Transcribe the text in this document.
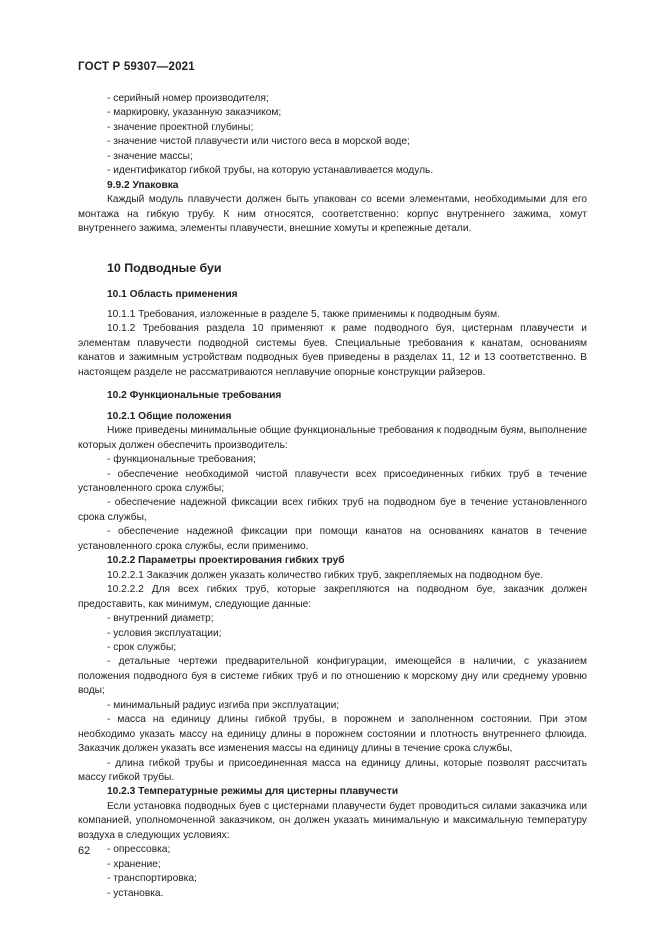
ГОСТ Р 59307—2021

- серийный номер производителя;

- маркировку, указанную заказчиком;

- значение проектной глубины;

- значение чистой плавучести или чистого веса в морской воде;

- значение массы;

- идентификатор гибкой трубы, на которую устанавливается модуль.

9.9.2 Упаковка

Каждый модуль плавучести должен быть упакован со всеми элементами, необходимыми для его монтажа на гибкую трубу. К ним относятся, соответственно: корпус внутреннего зажима, хомут внутреннего зажима, элементы плавучести, внешние хомуты и крепежные детали.

10 Подводные буи

10.1 Область применения

10.1.1 Требования, изложенные в разделе 5, также применимы к подводным буям.

10.1.2 Требования раздела 10 применяют к раме подводного буя, цистернам плавучести и элементам плавучести подводной системы буев. Специальные требования к канатам, основаниям канатов и зажимным устройствам подводных буев приведены в разделах 11, 12 и 13 соответственно. В настоящем разделе не рассматриваются неплавучие опорные конструкции райзеров.

10.2 Функциональные требования

10.2.1 Общие положения

Ниже приведены минимальные общие функциональные требования к подводным буям, выполнение которых должен обеспечить производитель:

- функциональные требования;

- обеспечение необходимой чистой плавучести всех присоединенных гибких труб в течение установленного срока службы;

- обеспечение надежной фиксации всех гибких труб на подводном буе в течение установленного срока службы,

- обеспечение надежной фиксации при помощи канатов на основаниях канатов в течение установленного срока службы, если применимо.

10.2.2 Параметры проектирования гибких труб

10.2.2.1 Заказчик должен указать количество гибких труб, закрепляемых на подводном буе.

10.2.2.2 Для всех гибких труб, которые закрепляются на подводном буе, заказчик должен предоставить, как минимум, следующие данные:

- внутренний диаметр;

- условия эксплуатации;

- срок службы;

- детальные чертежи предварительной конфигурации, имеющейся в наличии, с указанием положения подводного буя в системе гибких труб и по отношению к морскому дну или среднему уровню воды;

- минимальный радиус изгиба при эксплуатации;

- масса на единицу длины гибкой трубы, в порожнем и заполненном состоянии. При этом необходимо указать массу на единицу длины в порожнем состоянии и плотность внутреннего флюида. Заказчик должен указать все изменения массы на единицу длины в течение срока службы,

- длина гибкой трубы и присоединенная масса на единицу длины, которые позволят рассчитать массу гибкой трубы.

10.2.3 Температурные режимы для цистерны плавучести

Если установка подводных буев с цистернами плавучести будет проводиться силами заказчика или компанией, уполномоченной заказчиком, он должен указать минимальную и максимальную температуру воздуха в следующих условиях:

- опрессовка;

- хранение;

- транспортировка;

- установка.

62
